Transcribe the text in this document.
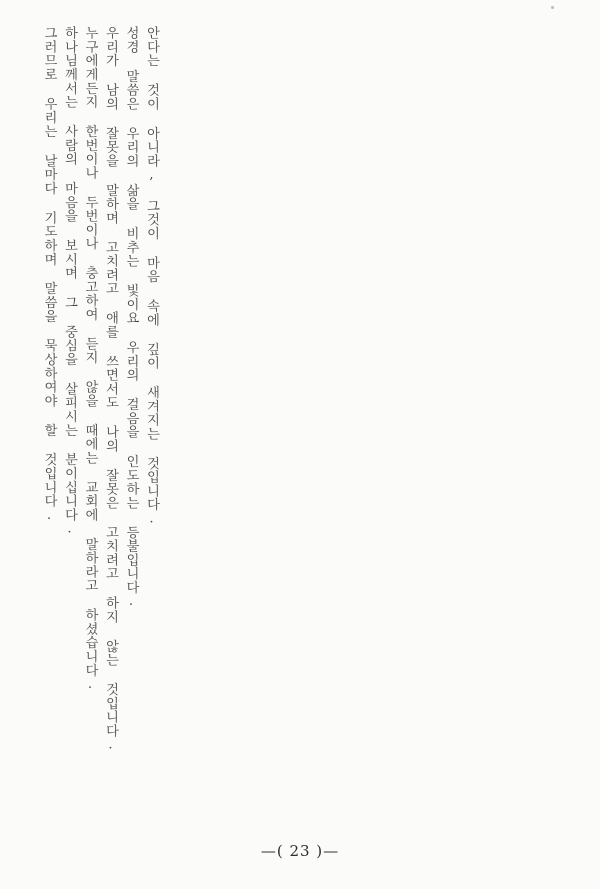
안다는 것이 아니라, 그것이 마음 속에 깊이 새겨지는 것입니다.
성경 말씀은 우리의 삶을 비추는 빛이요 우리의 걸음을 인도하는 등불입니다.
우리가 남의 잘못을 말하며 고치려고 애를 쓰면서도 나의 잘못은 고치려고 하지 않는 것입니다.
누구에게든지 한번이나 두번이나 충고하여 듣지 않을 때에는 교회에 말하라고 하셨습니다.
하나님께서는 사람의 마음을 보시며 그 중심을 살피시는 분이십니다.
그러므로 우리는 날마다 기도하며 말씀을 묵상하여야 할 것입니다.
—( 23 )—
